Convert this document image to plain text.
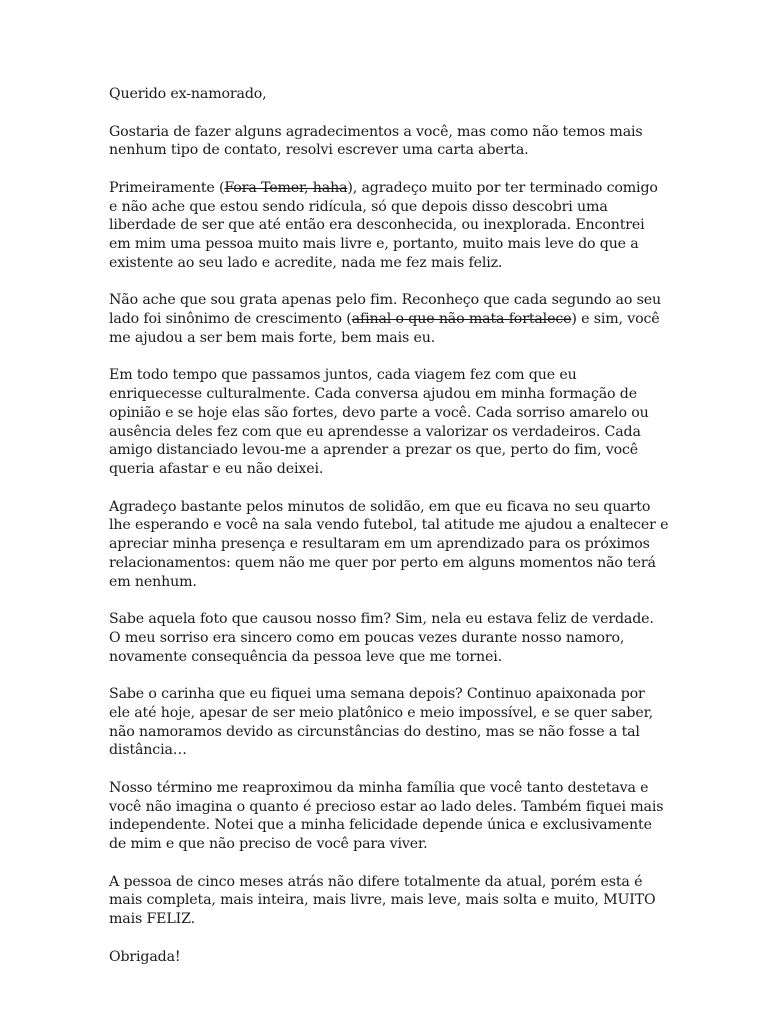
Querido ex-namorado,

Gostaria de fazer alguns agradecimentos a você, mas como não temos mais nenhum tipo de contato, resolvi escrever uma carta aberta.

Primeiramente (Fora Temer, haha), agradeço muito por ter terminado comigo e não ache que estou sendo ridícula, só que depois disso descobri uma liberdade de ser que até então era desconhecida, ou inexplorada. Encontrei em mim uma pessoa muito mais livre e, portanto, muito mais leve do que a existente ao seu lado e acredite, nada me fez mais feliz.

Não ache que sou grata apenas pelo fim. Reconheço que cada segundo ao seu lado foi sinônimo de crescimento (afinal o que não mata fortalece) e sim, você me ajudou a ser bem mais forte, bem mais eu.

Em todo tempo que passamos juntos, cada viagem fez com que eu enriquecesse culturalmente. Cada conversa ajudou em minha formação de opinião e se hoje elas são fortes, devo parte a você. Cada sorriso amarelo ou ausência deles fez com que eu aprendesse a valorizar os verdadeiros. Cada amigo distanciado levou-me a aprender a prezar os que, perto do fim, você queria afastar e eu não deixei.

Agradeço bastante pelos minutos de solidão, em que eu ficava no seu quarto lhe esperando e você na sala vendo futebol, tal atitude me ajudou a enaltecer e apreciar minha presença e resultaram em um aprendizado para os próximos relacionamentos: quem não me quer por perto em alguns momentos não terá em nenhum.

Sabe aquela foto que causou nosso fim? Sim, nela eu estava feliz de verdade. O meu sorriso era sincero como em poucas vezes durante nosso namoro, novamente consequência da pessoa leve que me tornei.

Sabe o carinha que eu fiquei uma semana depois? Continuo apaixonada por ele até hoje, apesar de ser meio platônico e meio impossível, e se quer saber, não namoramos devido as circunstâncias do destino, mas se não fosse a tal distância…

Nosso término me reaproximou da minha família que você tanto destetava e você não imagina o quanto é precioso estar ao lado deles. Também fiquei mais independente. Notei que a minha felicidade depende única e exclusivamente de mim e que não preciso de você para viver.

A pessoa de cinco meses atrás não difere totalmente da atual, porém esta é mais completa, mais inteira, mais livre, mais leve, mais solta e muito, MUITO mais FELIZ.

Obrigada!
